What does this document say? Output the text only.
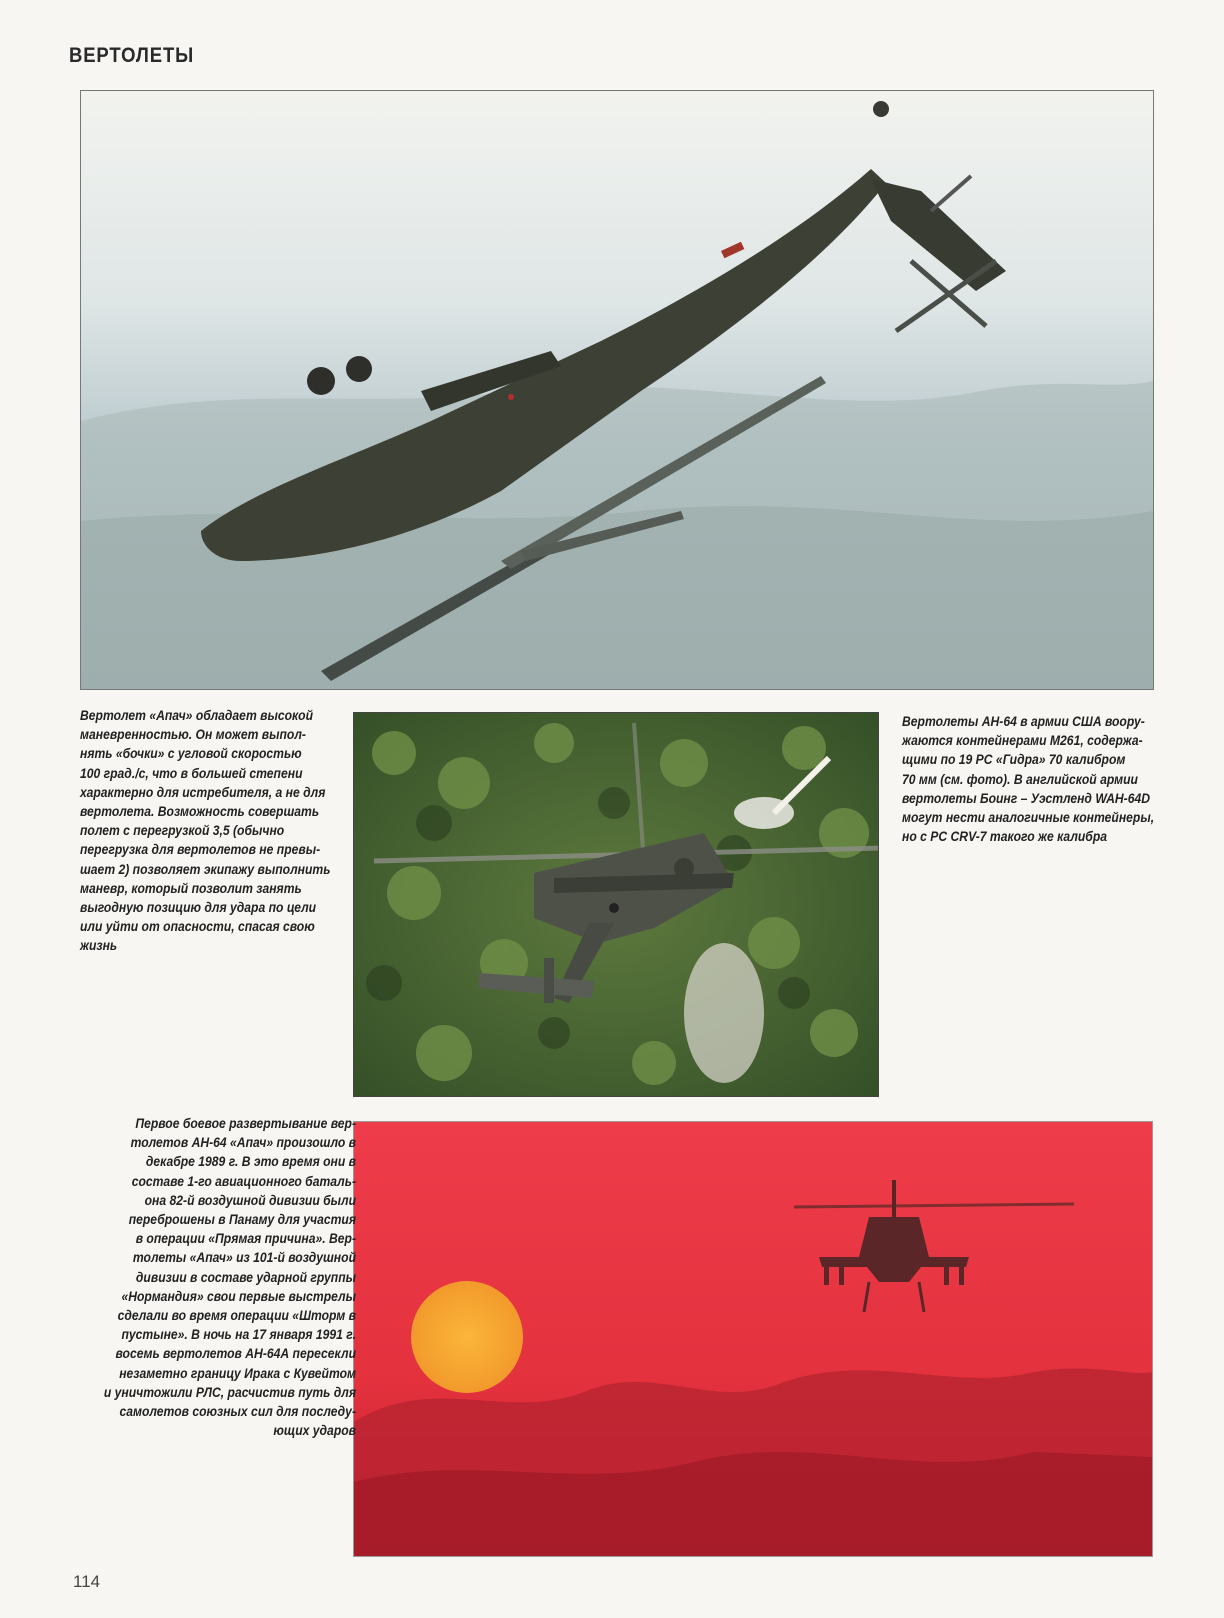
ВЕРТОЛЕТЫ
Вертолет «Апач» обладает высокой
маневренностью. Он может выпол-
нять «бочки» с угловой скоростью
100 град./с, что в большей степени
характерно для истребителя, а не для
вертолета. Возможность совершать
полет с перегрузкой 3,5 (обычно
перегрузка для вертолетов не превы-
шает 2) позволяет экипажу выполнить
маневр, который позволит занять
выгодную позицию для удара по цели
или уйти от опасности, спасая свою
жизнь
Вертолеты АН-64 в армии США воору-
жаются контейнерами М261, содержа-
щими по 19 РС «Гидра» 70 калибром
70 мм (см. фото). В английской армии
вертолеты Боинг – Уэстленд WAH-64D
могут нести аналогичные контейнеры,
но с РС CRV-7 такого же калибра
Первое боевое развертывание вер-
толетов АН-64 «Апач» произошло в
декабре 1989 г. В это время они в
составе 1-го авиационного баталь-
она 82-й воздушной дивизии были
переброшены в Панаму для участия
в операции «Прямая причина». Вер-
толеты «Апач» из 101-й воздушной
дивизии в составе ударной группы
«Нормандия» свои первые выстрелы
сделали во время операции «Шторм в
пустыне». В ночь на 17 января 1991 г.
восемь вертолетов АН-64А пересекли
незаметно границу Ирака с Кувейтом
и уничтожили РЛС, расчистив путь для
самолетов союзных сил для последу-
ющих ударов
114
